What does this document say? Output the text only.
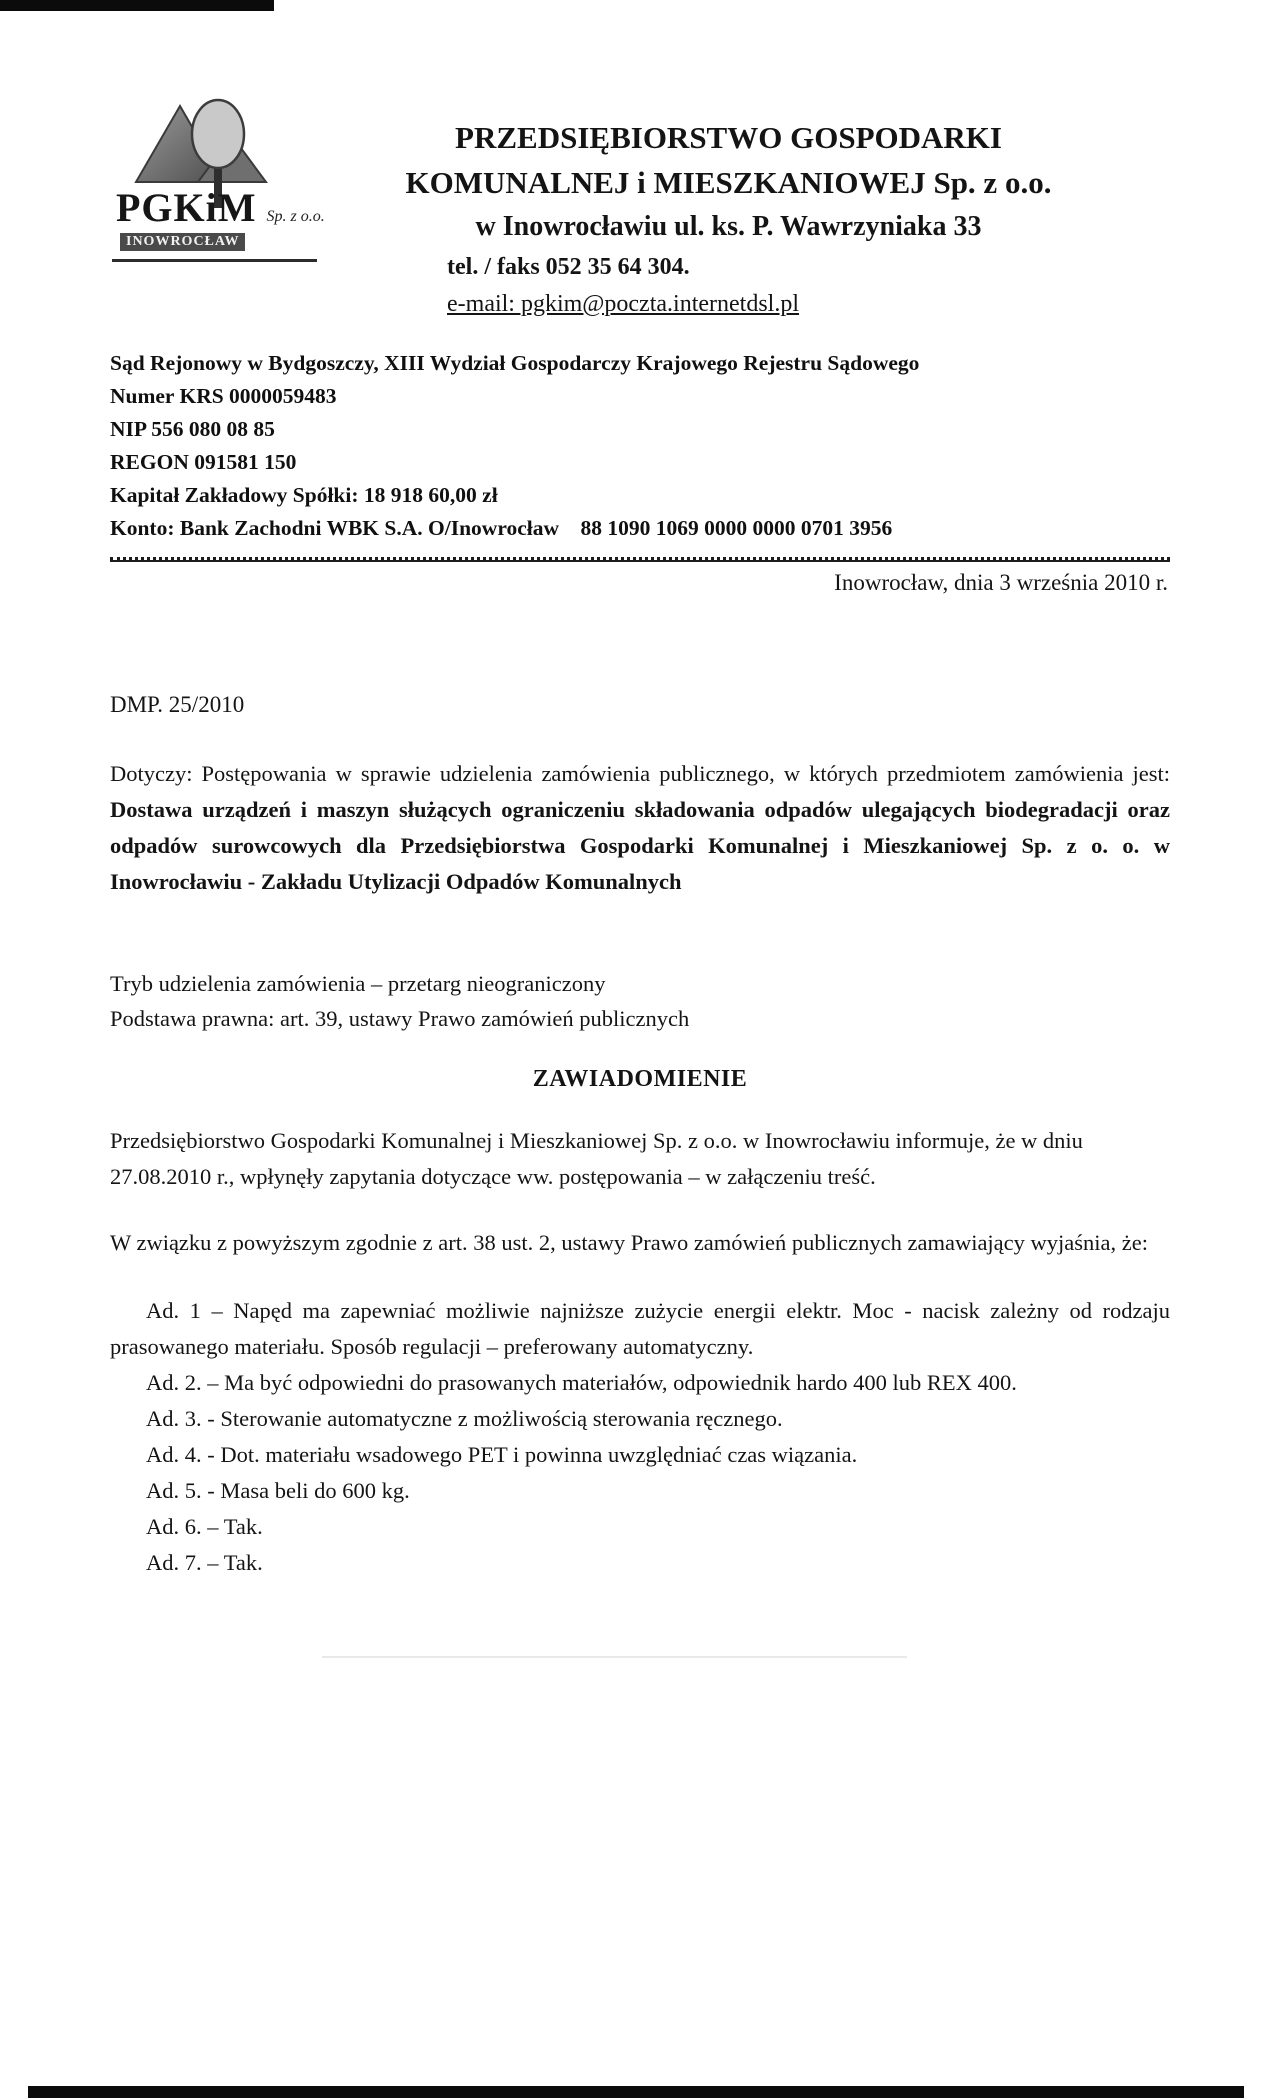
PGKiM Sp. z o.o.
INOWROCŁAW
PRZEDSIĘBIORSTWO GOSPODARKI
KOMUNALNEJ i MIESZKANIOWEJ Sp. z o.o.
w Inowrocławiu ul. ks. P. Wawrzyniaka 33
tel. / faks 052 35 64 304.
e-mail: pgkim@poczta.internetdsl.pl
Sąd Rejonowy w Bydgoszczy, XIII Wydział Gospodarczy Krajowego Rejestru Sądowego
Numer KRS 0000059483
NIP 556 080 08 85
REGON 091581 150
Kapitał Zakładowy Spółki: 18 918 60,00 zł
Konto: Bank Zachodni WBK S.A. O/Inowrocław    88 1090 1069 0000 0000 0701 3956
Inowrocław, dnia 3 września 2010 r.
DMP. 25/2010

Dotyczy: Postępowania w sprawie udzielenia zamówienia publicznego, w których przedmiotem zamówienia jest: Dostawa urządzeń i maszyn służących ograniczeniu składowania odpadów ulegających biodegradacji oraz odpadów surowcowych dla Przedsiębiorstwa Gospodarki Komunalnej i Mieszkaniowej Sp. z o. o. w Inowrocławiu - Zakładu Utylizacji Odpadów Komunalnych

Tryb udzielenia zamówienia – przetarg nieograniczony
Podstawa prawna: art. 39, ustawy Prawo zamówień publicznych
ZAWIADOMIENIE

Przedsiębiorstwo Gospodarki Komunalnej i Mieszkaniowej Sp. z o.o. w Inowrocławiu informuje, że w dniu 27.08.2010 r., wpłynęły zapytania dotyczące ww. postępowania – w załączeniu treść.

W związku z powyższym zgodnie z art. 38 ust. 2, ustawy Prawo zamówień publicznych zamawiający wyjaśnia, że:

Ad. 1 – Napęd ma zapewniać możliwie najniższe zużycie energii elektr. Moc - nacisk zależny od rodzaju prasowanego materiału. Sposób regulacji – preferowany automatyczny.

Ad. 2. – Ma być odpowiedni do prasowanych materiałów, odpowiednik hardo 400 lub REX 400.

Ad. 3. - Sterowanie automatyczne z możliwością sterowania ręcznego.

Ad. 4. - Dot. materiału wsadowego PET i powinna uwzględniać czas wiązania.

Ad. 5. - Masa beli do 600 kg.

Ad. 6. – Tak.

Ad. 7. – Tak.
